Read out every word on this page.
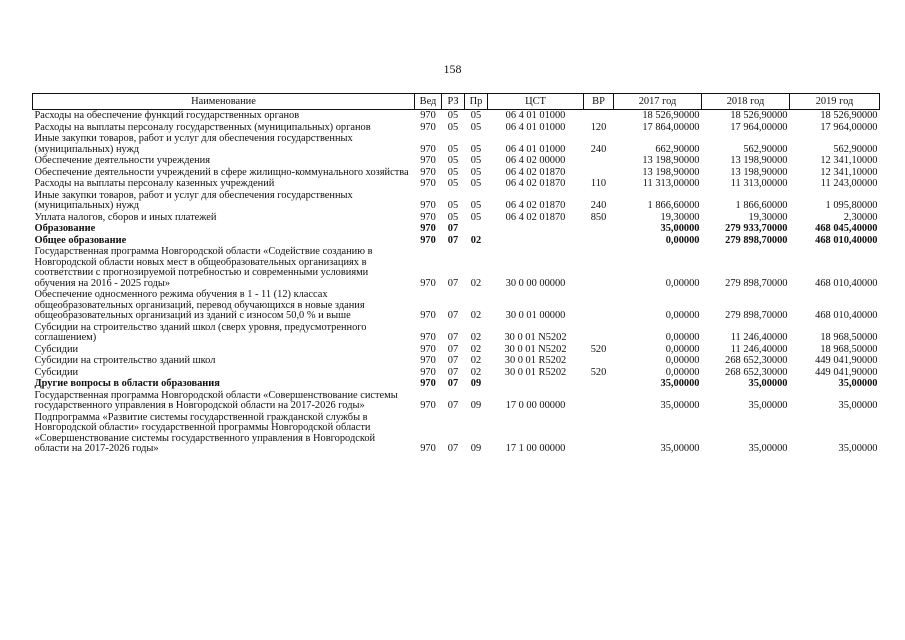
158
Наименование	Вед	РЗ	Пр	ЦСТ	ВР	2017 год	2018 год	2019 год
Расходы на обеспечение функций государственных органов	970	05	05	06 4 01 01000		18 526,90000	18 526,90000	18 526,90000
Расходы на выплаты персоналу государственных (муниципальных) органов	970	05	05	06 4 01 01000	120	17 864,00000	17 964,00000	17 964,00000
Иные закупки товаров, работ и услуг для обеспечения государственных (муниципальных) нужд	970	05	05	06 4 01 01000	240	662,90000	562,90000	562,90000
Обеспечение деятельности учреждения	970	05	05	06 4 02 00000		13 198,90000	13 198,90000	12 341,10000
Обеспечение деятельности учреждений в сфере жилищно-коммунального хозяйства	970	05	05	06 4 02 01870		13 198,90000	13 198,90000	12 341,10000
Расходы на выплаты персоналу казенных учреждений	970	05	05	06 4 02 01870	110	11 313,00000	11 313,00000	11 243,00000
Иные закупки товаров, работ и услуг для обеспечения государственных (муниципальных) нужд	970	05	05	06 4 02 01870	240	1 866,60000	1 866,60000	1 095,80000
Уплата налогов, сборов и иных платежей	970	05	05	06 4 02 01870	850	19,30000	19,30000	2,30000
Образование	970	07				35,00000	279 933,70000	468 045,40000
Общее образование	970	07	02			0,00000	279 898,70000	468 010,40000
Государственная программа Новгородской области «Содействие созданию в Новгородской области новых мест в общеобразовательных организациях в соответствии с прогнозируемой потребностью и современными условиями обучения на 2016 - 2025 годы»	970	07	02	30 0 00 00000		0,00000	279 898,70000	468 010,40000
Обеспечение односменного режима обучения в 1 - 11 (12) классах общеобразовательных организаций, перевод обучающихся в новые здания общеобразовательных организаций из зданий с износом 50,0 % и выше	970	07	02	30 0 01 00000		0,00000	279 898,70000	468 010,40000
Субсидии на строительство зданий школ (сверх уровня, предусмотренного соглашением)	970	07	02	30 0 01 N5202		0,00000	11 246,40000	18 968,50000
Субсидии	970	07	02	30 0 01 N5202	520	0,00000	11 246,40000	18 968,50000
Субсидии на строительство зданий школ	970	07	02	30 0 01 R5202		0,00000	268 652,30000	449 041,90000
Субсидии	970	07	02	30 0 01 R5202	520	0,00000	268 652,30000	449 041,90000
Другие вопросы в области образования	970	07	09			35,00000	35,00000	35,00000
Государственная программа Новгородской области «Совершенствование системы государственного управления в Новгородской области на 2017-2026 годы»	970	07	09	17 0 00 00000		35,00000	35,00000	35,00000
Подпрограмма «Развитие системы государственной гражданской службы в Новгородской области» государственной программы Новгородской области «Совершенствование системы государственного управления в Новгородской области на 2017-2026 годы»	970	07	09	17 1 00 00000		35,00000	35,00000	35,00000
